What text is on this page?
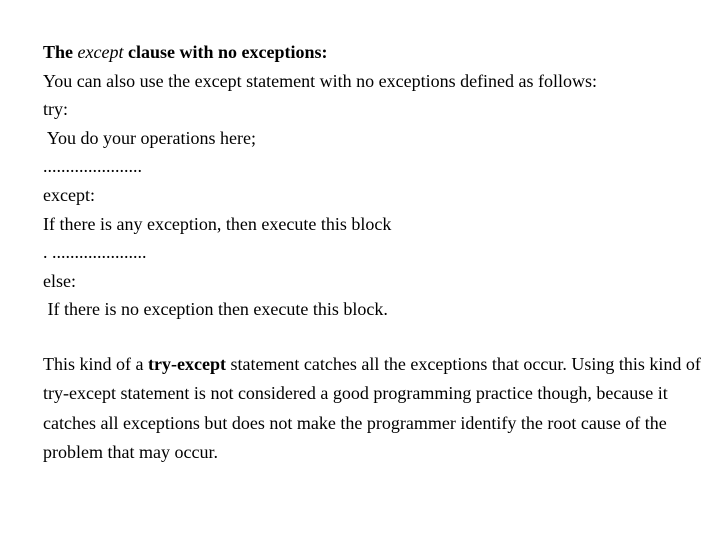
The except clause with no exceptions:
You can also use the except statement with no exceptions defined as follows:
try:
You do your operations here;
......................
except:
If there is any exception, then execute this block
. .....................
else:
If there is no exception then execute this block.
This kind of a try-except statement catches all the exceptions that occur. Using this kind of try-except statement is not considered a good programming practice though, because it catches all exceptions but does not make the programmer identify the root cause of the problem that may occur.
